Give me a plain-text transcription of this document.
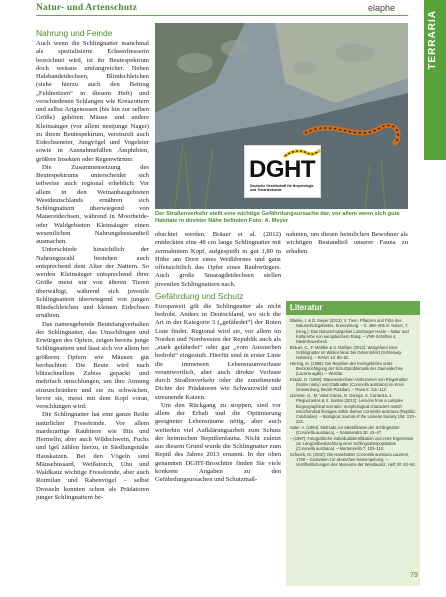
Natur- und Artenschutz	elaphe
TERRARIA
Nahrung und Feinde

Auch wenn die Schlingnatter manchmal als spezialisierte Echsenfresserin bezeichnet wird, ist ihr Beutespektrum doch weitaus umfangreicher. Neben Halsbandeidechsen, Blindschleichen (siehe hierzu auch den Beitrag „Feldnotizen“ in diesem Heft) und verschiedenen Schlangen wie Kreuzottern und selbst Artgenossen (bis hin zur selben Größe) gehören Mäuse und andere Kleinsäuger (vor allem nestjunge Nager) zu ihrem Beutespektrum, vereinzelt auch Eidechseneier, Jungvögel und Vogeleier sowie in Ausnahmefällen Amphibien, größere Insekten oder Regenwürmer.

Die Zusammensetzung des Beutespektrums unterscheidet sich teilweise auch regional erheblich: Vor allem in den Weinanbaugebieten Westdeutschlands ernähren sich Schlingnattern überwiegend von Mauereidechsen, während in Moorheide- oder Waldgebieten Kleinsäuger einen wesentlichen Nahrungsbestandteil ausmachen.

Unterschiede hinsichtlich der Nahrungswahl bestehen auch entsprechend dem Alter der Nattern. So werden Kleinsäuger entsprechend ihrer Größe meist nur von älteren Tieren überwältigt, während sich juvenile Schlingnattern überwiegend von jungen Blindschleichen und kleinen Eidechsen ernähren.

Das namengebende Beutefangverhalten der Schlingnatter, das Umschlingen und Erwürgen des Opfers, zeigen bereits junge Schlingnattern und lässt sich vor allem bei größeren Opfern wie Mäusen gut beobachten: Die Beute wird nach blitzschnellem Zubiss gepackt und mehrfach umschlungen, um ihre Atmung einzuschränken und sie zu schwächen, bevor sie, meist mit dem Kopf voran, verschlungen wird.

Die Schlingnatter hat eine ganze Reihe natürlicher Fressfeinde. Vor allem marderartige Raubtiere wie Iltis und Hermelin, aber auch Wildschwein, Fuchs und Igel zählen hierzu, in Siedlungsnähe Hauskatzen. Bei den Vögeln sind Mäusebussard, Weißstorch, Uhu und Waldkauz wichtige Fressfeinde, aber auch Rotmilan und Rabenvögel – selbst Drosseln konnten schon als Prädatoren junger Schlingnattern be-

DGHT
Deutsche Gesellschaft für Herpetologie und Terrarienkunde
Der Straßenverkehr stellt eine wichtige Gefährdungsursache dar, vor allem wenn sich gute Habitate in direkter Nähe befinden Foto: A. Meyer

obachtet werden. Bräuer et al. (2012) entdeckten eine 48 cm lange Schlingnatter mit zermalmtem Kopf, aufgespießt in gut 1,80 m Höhe am Dorn eines Weißdornes und ganz offensichtlich das Opfer eines Raubwürgers. Auch große Smaragdeidechsen stellen juvenilen Schlingnattern nach.

Gefährdung und Schutz

Europaweit gilt die Schlingnatter als nicht bedroht. Anders in Deutschland, wo sich die Art in der Kategorie 3 („gefährdet“) der Roten Liste findet. Regional wird sie, vor allem im Norden und Nordwesten der Republik auch als „stark gefährdet“ oder gar „vom Aussterben bedroht“ eingestuft. Hierfür sind in erster Linie die immensen Lebensraumverluste verantwortlich, aber auch direkte Verluste durch Straßenverkehr oder die zunehmende Dichte der Prädatoren wie Schwarzwild und streunende Katzen.

Um den Rückgang zu stoppen, sind vor allem der Erhalt und die Optimierung geeigneter Lebensräume nötig, aber auch weiterhin viel Aufklärungsarbeit zum Schutz der heimischen Reptilienfauna. Nicht zuletzt aus diesem Grund wurde die Schlingnatter zum Reptil des Jahres 2013 ernannt. In der oben genannten DGHT-Broschüre finden Sie viele konkrete Angaben zu den Gefährdungsursachen und Schutzmaß-

nahmen, um diesen heimlichen Bewohner als wichtigen Bestandteil unserer Fauna zu erhalten.

Literatur

Blanke, I. & D. Meyer (2013): V. Tiere. Pflanzen und Pilze des Naturschutzgebietes, Kreiszeitung. – S. 289–305 in: Kaiser, T. (Hrsg.): Das Naturschutzgebiet Lüneburger Heide – Natur und Kulturerbe von europäischem Rang. – VNP-Schriften 4, Niederhaverbeck.

Bräuer, C., F. Mahlke & S. Rathjen (2012): Würgefund einer Schlingnatter im Wilden Moor bei Osterrönfeld (Schleswig-Holstein). – RANA 13: 80–82.

Hennig, M. (1988): Die Reptilien des Kreisgebietes unter Berücksichtigung der Schutzproblematik der Zauneidechse (Lacerta agilis). – Wetzlar.

Kraatz, D. (1989): Mauereidechsen-Vorkommen von Ringelnatter (Natrix natrix) und Glattnatter (Coronella austriaca) im Kreis Oranienburg, Bezirk Potsdam. – Rana 5: 111–112.

Llorente, G., M. Vidal Garcia, N. Garriga, S. Carranza, J. Pleguezuelos & X. Santos (2012): Lessons from a complex biogeographical scenario: morphological characters match mitochondrial lineages within Iberian Coronella austriaca (Reptilia: Colubridae). – Biological Journal of the Linnean Society 106: 210–223.

Saler, A. (1994): Methode zur Identifikation der Schlingnatter (Coronella austriaca). – Salamandra 30: 43–47.

– (1997): Fotografische Individualidentifikation und erste Ergebnisse zur Langzeitbeobachtung einer Schlingnatterpopulation (Coronella austriaca). – Mertensiella 7: 103–110.

Schwick, M. (2010): Die Haselnatter Coronella austriaca Laurenti, 1768 – Gedanken zur deutschen Namengebung. – Veröffentlichungen des Museums der Westlausitz, Heft 30: 63–64.

79
